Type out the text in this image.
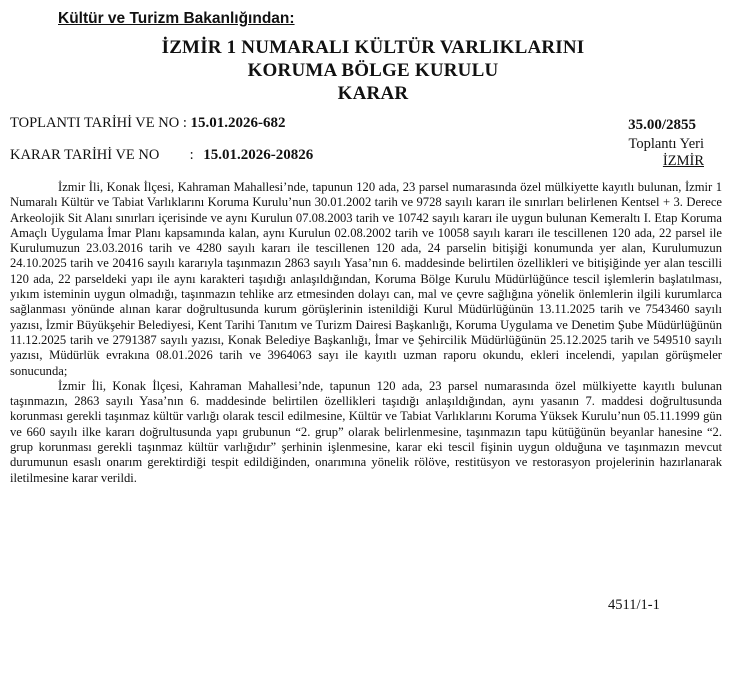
Kültür ve Turizm Bakanlığından:
İZMİR 1 NUMARALI KÜLTÜR VARLIKLARINI
KORUMA BÖLGE KURULU
KARAR
TOPLANTI TARİHİ VE NO : 15.01.2026-682	35.00/2855
Toplantı Yeri
İZMİR
KARAR TARİHİ VE NO : 15.01.2026-20826

İzmir İli, Konak İlçesi, Kahraman Mahallesi’nde, tapunun 120 ada, 23 parsel numarasında özel mülkiyette kayıtlı bulunan, İzmir 1 Numaralı Kültür ve Tabiat Varlıklarını Koruma Kurulu’nun 30.01.2002 tarih ve 9728 sayılı kararı ile sınırları belirlenen Kentsel + 3. Derece Arkeolojik Sit Alanı sınırları içerisinde ve aynı Kurulun 07.08.2003 tarih ve 10742 sayılı kararı ile uygun bulunan Kemeraltı I. Etap Koruma Amaçlı Uygulama İmar Planı kapsamında kalan, aynı Kurulun 02.08.2002 tarih ve 10058 sayılı kararı ile tescillenen 120 ada, 22 parsel ile Kurulumuzun 23.03.2016 tarih ve 4280 sayılı kararı ile tescillenen 120 ada, 24 parselin bitişiği konumunda yer alan, Kurulumuzun 24.10.2025 tarih ve 20416 sayılı kararıyla taşınmazın 2863 sayılı Yasa’nın 6. maddesinde belirtilen özellikleri ve bitişiğinde yer alan tescilli 120 ada, 22 parseldeki yapı ile aynı karakteri taşıdığı anlaşıldığından, Koruma Bölge Kurulu Müdürlüğünce tescil işlemlerin başlatılması, yıkım isteminin uygun olmadığı, taşınmazın tehlike arz etmesinden dolayı can, mal ve çevre sağlığına yönelik önlemlerin ilgili kurumlarca sağlanması yönünde alınan karar doğrultusunda kurum görüşlerinin istenildiği Kurul Müdürlüğünün 13.11.2025 tarih ve 7543460 sayılı yazısı, İzmir Büyükşehir Belediyesi, Kent Tarihi Tanıtım ve Turizm Dairesi Başkanlığı, Koruma Uygulama ve Denetim Şube Müdürlüğünün 11.12.2025 tarih ve 2791387 sayılı yazısı, Konak Belediye Başkanlığı, İmar ve Şehircilik Müdürlüğünün 25.12.2025 tarih ve 549510 sayılı yazısı, Müdürlük evrakına 08.01.2026 tarih ve 3964063 sayı ile kayıtlı uzman raporu okundu, ekleri incelendi, yapılan görüşmeler sonucunda;

İzmir İli, Konak İlçesi, Kahraman Mahallesi’nde, tapunun 120 ada, 23 parsel numarasında özel mülkiyette kayıtlı bulunan taşınmazın, 2863 sayılı Yasa’nın 6. maddesinde belirtilen özellikleri taşıdığı anlaşıldığından, aynı yasanın 7. maddesi doğrultusunda korunması gerekli taşınmaz kültür varlığı olarak tescil edilmesine, Kültür ve Tabiat Varlıklarını Koruma Yüksek Kurulu’nun 05.11.1999 gün ve 660 sayılı ilke kararı doğrultusunda yapı grubunun “2. grup” olarak belirlenmesine, taşınmazın tapu kütüğünün beyanlar hanesine “2. grup korunması gerekli taşınmaz kültür varlığıdır” şerhinin işlenmesine, karar eki tescil fişinin uygun olduğuna ve taşınmazın mevcut durumunun esaslı onarım gerektirdiği tespit edildiğinden, onarımına yönelik rölöve, restitüsyon ve restorasyon projelerinin hazırlanarak iletilmesine karar verildi.

4511/1-1
